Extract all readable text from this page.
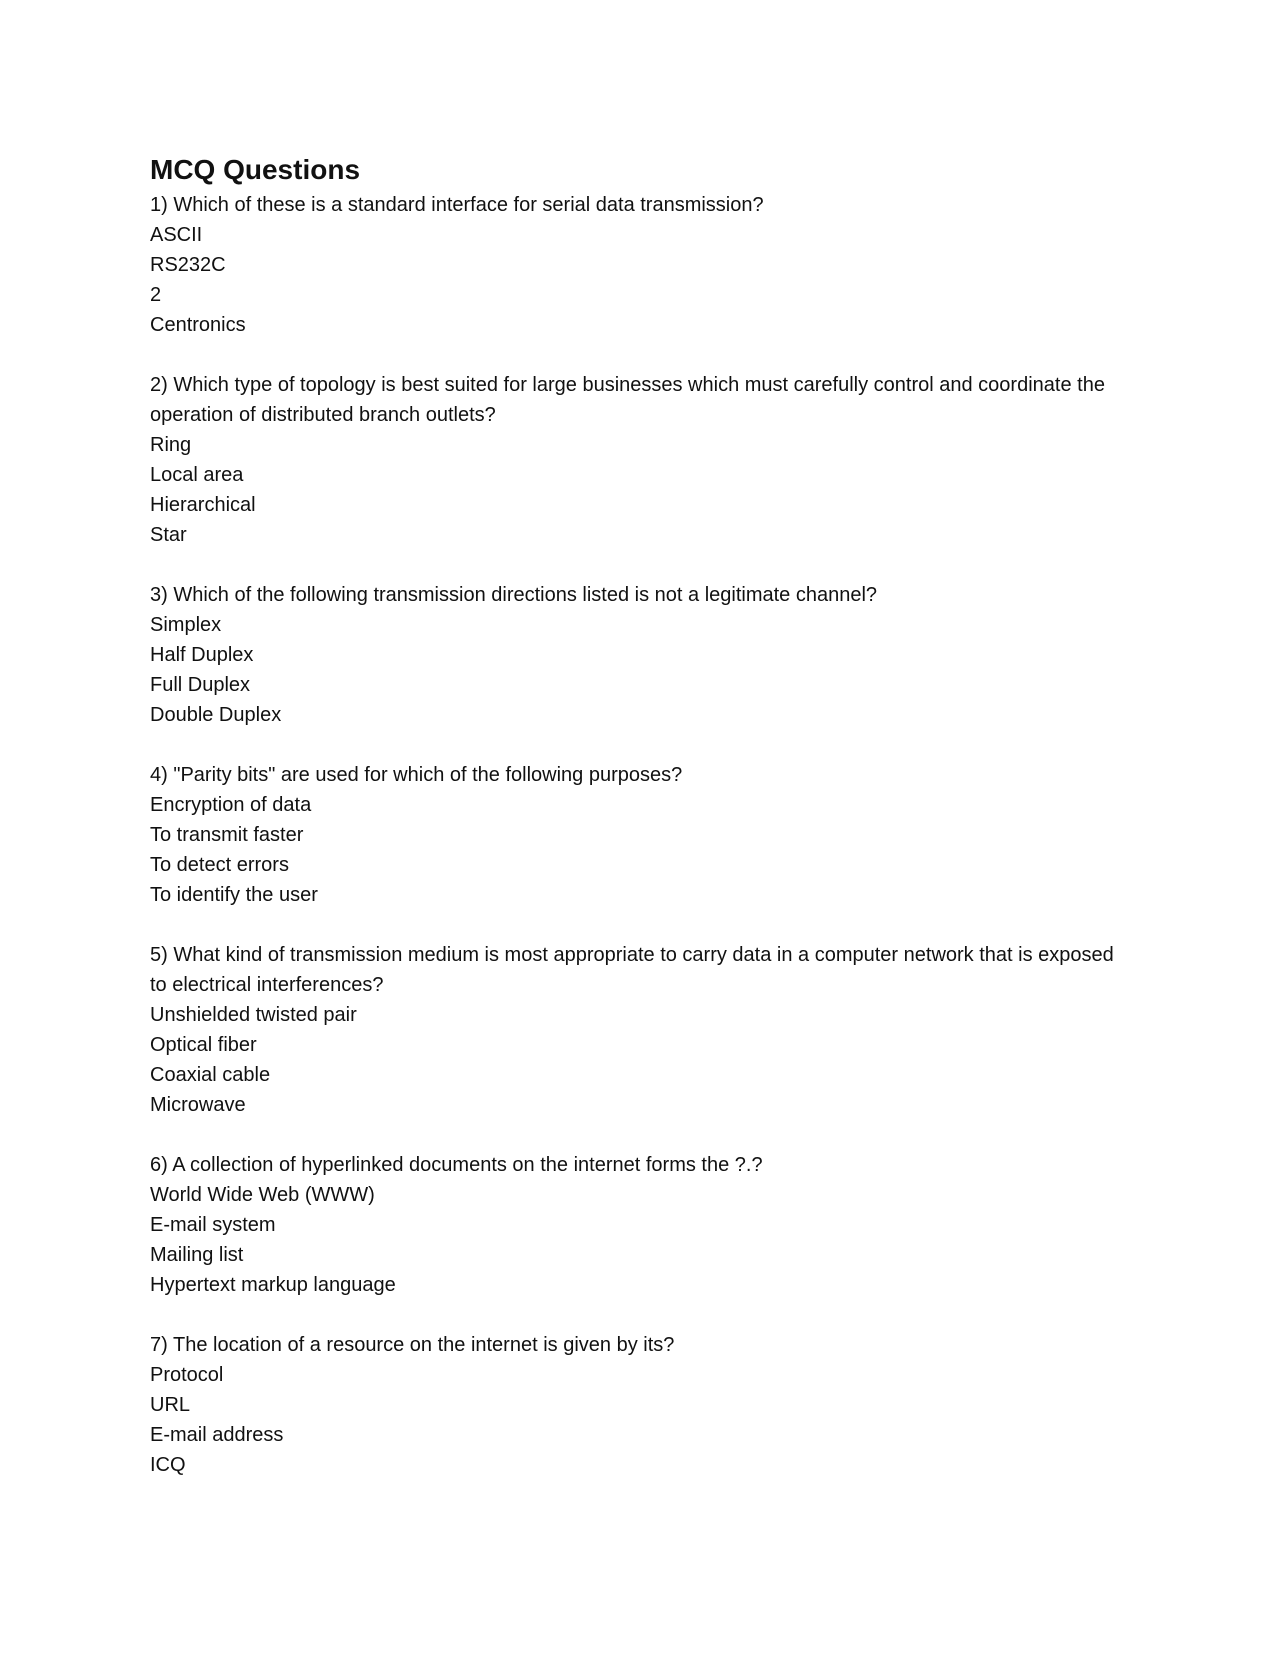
MCQ Questions

1) Which of these is a standard interface for serial data transmission?

ASCII

RS232C

2

Centronics

2) Which type of topology is best suited for large businesses which must carefully control and coordinate the operation of distributed branch outlets?

Ring

Local area

Hierarchical

Star

3) Which of the following transmission directions listed is not a legitimate channel?

Simplex

Half Duplex

Full Duplex

Double Duplex

4) "Parity bits" are used for which of the following purposes?

Encryption of data

To transmit faster

To detect errors

To identify the user

5) What kind of transmission medium is most appropriate to carry data in a computer network that is exposed to electrical interferences?

Unshielded twisted pair

Optical fiber

Coaxial cable

Microwave

6) A collection of hyperlinked documents on the internet forms the ?.?

World Wide Web (WWW)

E-mail system

Mailing list

Hypertext markup language

7) The location of a resource on the internet is given by its?

Protocol

URL

E-mail address

ICQ
